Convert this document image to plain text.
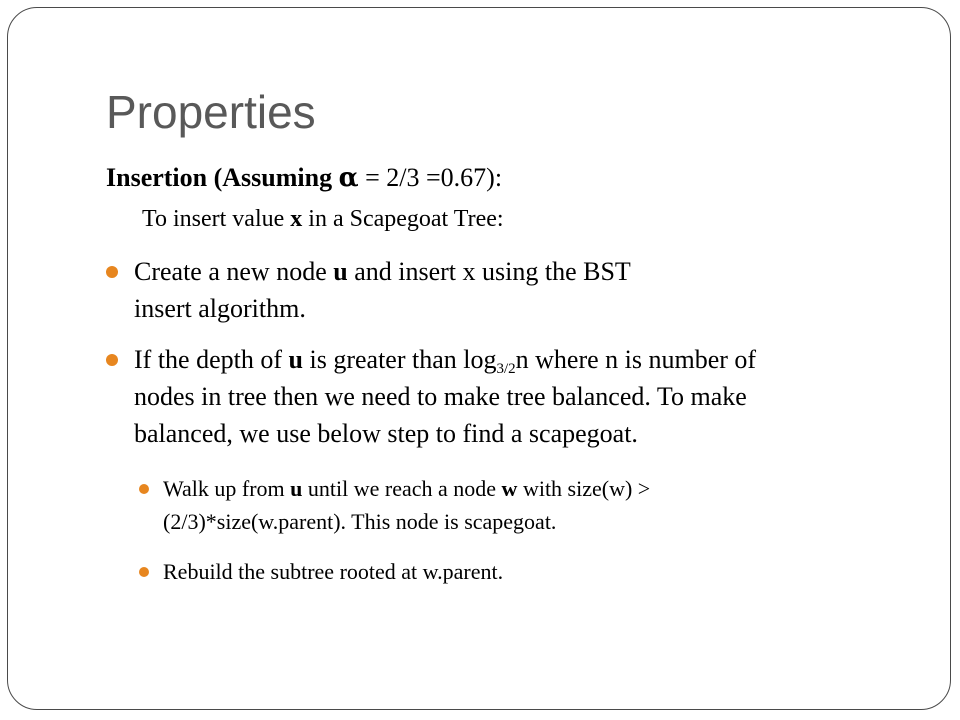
Properties
Insertion (Assuming α = 2/3 =0.67):
To insert value x in a Scapegoat Tree:
Create a new node u and insert x using the BST
insert algorithm.
If the depth of u is greater than $\log_{3/2}n$ where n is number of
nodes in tree then we need to make tree balanced. To make
balanced, we use below step to find a scapegoat.
Walk up from u until we reach a node w with size(w) >
(2/3)*size(w.parent). This node is scapegoat.
Rebuild the subtree rooted at w.parent.
